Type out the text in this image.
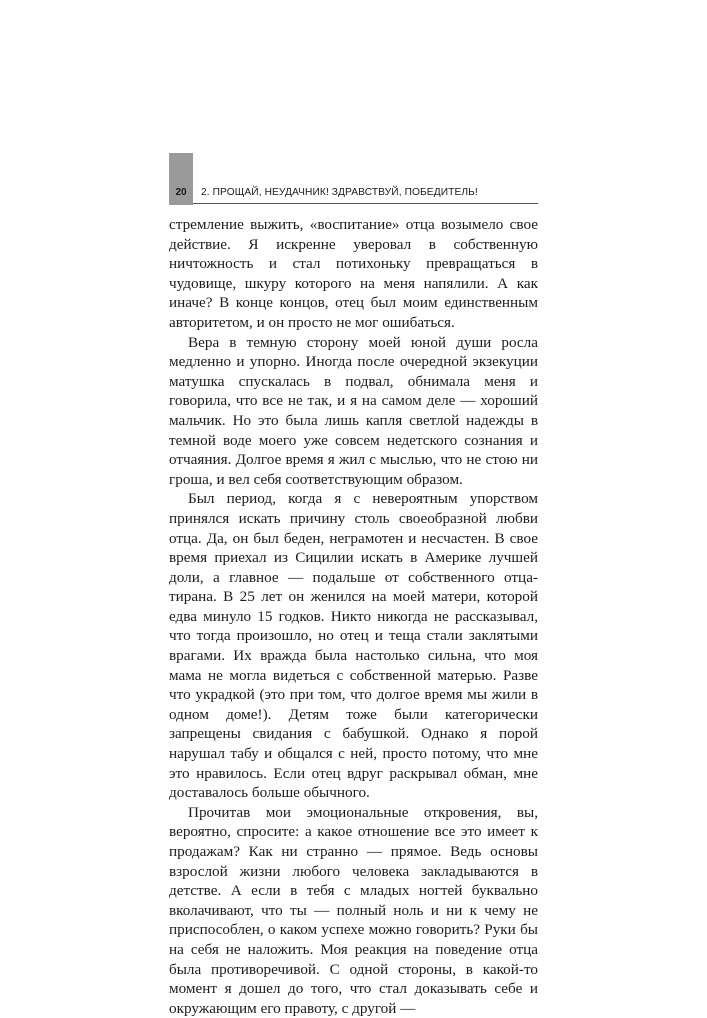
20	2. ПРОЩАЙ, НЕУДАЧНИК! ЗДРАВСТВУЙ, ПОБЕДИТЕЛЬ!

стремление выжить, «воспитание» отца возымело свое действие. Я искренне уверовал в собственную ничтожность и стал потихоньку превращаться в чудовище, шкуру которого на меня напялили. А как иначе? В конце концов, отец был моим единственным авторитетом, и он просто не мог ошибаться.

Вера в темную сторону моей юной души росла медленно и упорно. Иногда после очередной экзекуции матушка спускалась в подвал, обнимала меня и говорила, что все не так, и я на самом деле — хороший мальчик. Но это была лишь капля светлой надежды в темной воде моего уже совсем недетского сознания и отчаяния. Долгое время я жил с мыслью, что не стою ни гроша, и вел себя соответствующим образом.

Был период, когда я с невероятным упорством принялся искать причину столь своеобразной любви отца. Да, он был беден, неграмотен и несчастен. В свое время приехал из Сицилии искать в Америке лучшей доли, а главное — подальше от собственного отца-тирана. В 25 лет он женился на моей матери, которой едва минуло 15 годков. Никто никогда не рассказывал, что тогда произошло, но отец и теща стали заклятыми врагами. Их вражда была настолько сильна, что моя мама не могла видеться с собственной матерью. Разве что украдкой (это при том, что долгое время мы жили в одном доме!). Детям тоже были категорически запрещены свидания с бабушкой. Однако я порой нарушал табу и общался с ней, просто потому, что мне это нравилось. Если отец вдруг раскрывал обман, мне доставалось больше обычного.

Прочитав мои эмоциональные откровения, вы, вероятно, спросите: а какое отношение все это имеет к продажам? Как ни странно — прямое. Ведь основы взрослой жизни любого человека закладываются в детстве. А если в тебя с младых ногтей буквально вколачивают, что ты — полный ноль и ни к чему не приспособлен, о каком успехе можно говорить? Руки бы на себя не наложить. Моя реакция на поведение отца была противоречивой. С одной стороны, в какой-то момент я дошел до того, что стал доказывать себе и окружающим его правоту, с другой —
